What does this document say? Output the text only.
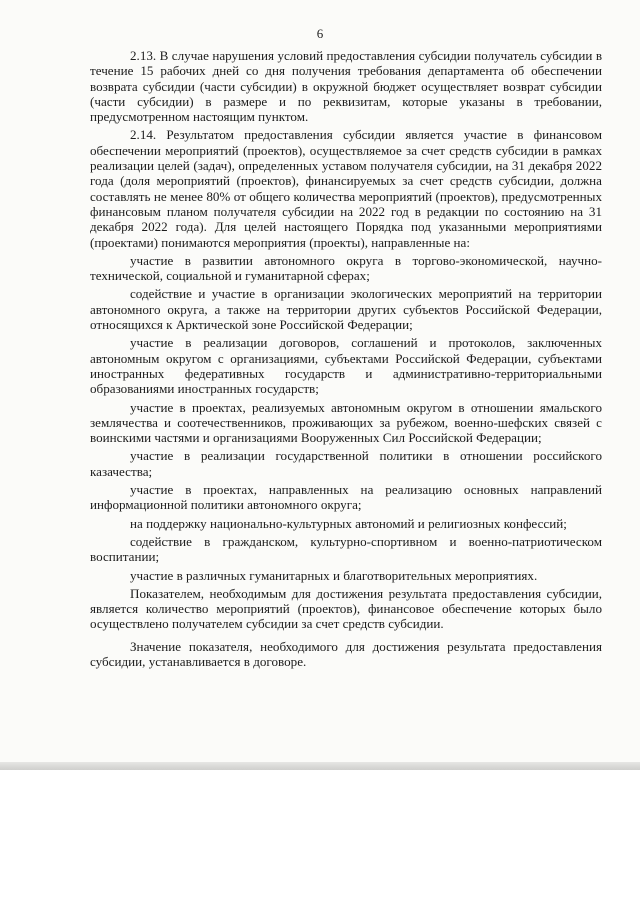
6

2.13. В случае нарушения условий предоставления субсидии получатель субсидии в течение 15 рабочих дней со дня получения требования департамента об обеспечении возврата субсидии (части субсидии) в окружной бюджет осуществляет возврат субсидии (части субсидии) в размере и по реквизитам, которые указаны в требовании, предусмотренном настоящим пунктом.

2.14. Результатом предоставления субсидии является участие в финансовом обеспечении мероприятий (проектов), осуществляемое за счет средств субсидии в рамках реализации целей (задач), определенных уставом получателя субсидии, на 31 декабря 2022 года (доля мероприятий (проектов), финансируемых за счет средств субсидии, должна составлять не менее 80% от общего количества мероприятий (проектов), предусмотренных финансовым планом получателя субсидии на 2022 год в редакции по состоянию на 31 декабря 2022 года). Для целей настоящего Порядка под указанными мероприятиями (проектами) понимаются мероприятия (проекты), направленные на:

участие в развитии автономного округа в торгово-экономической, научно-технической, социальной и гуманитарной сферах;

содействие и участие в организации экологических мероприятий на территории автономного округа, а также на территории других субъектов Российской Федерации, относящихся к Арктической зоне Российской Федерации;

участие в реализации договоров, соглашений и протоколов, заключенных автономным округом с организациями, субъектами Российской Федерации, субъектами иностранных федеративных государств и административно-территориальными образованиями иностранных государств;

участие в проектах, реализуемых автономным округом в отношении ямальского землячества и соотечественников, проживающих за рубежом, военно-шефских связей с воинскими частями и организациями Вооруженных Сил Российской Федерации;

участие в реализации государственной политики в отношении российского казачества;

участие в проектах, направленных на реализацию основных направлений информационной политики автономного округа;

на поддержку национально-культурных автономий и религиозных конфессий;

содействие в гражданском, культурно-спортивном и военно-патриотическом воспитании;

участие в различных гуманитарных и благотворительных мероприятиях.

Показателем, необходимым для достижения результата предоставления субсидии, является количество мероприятий (проектов), финансовое обеспечение которых было осуществлено получателем субсидии за счет средств субсидии.

Значение показателя, необходимого для достижения результата предоставления субсидии, устанавливается в договоре.
